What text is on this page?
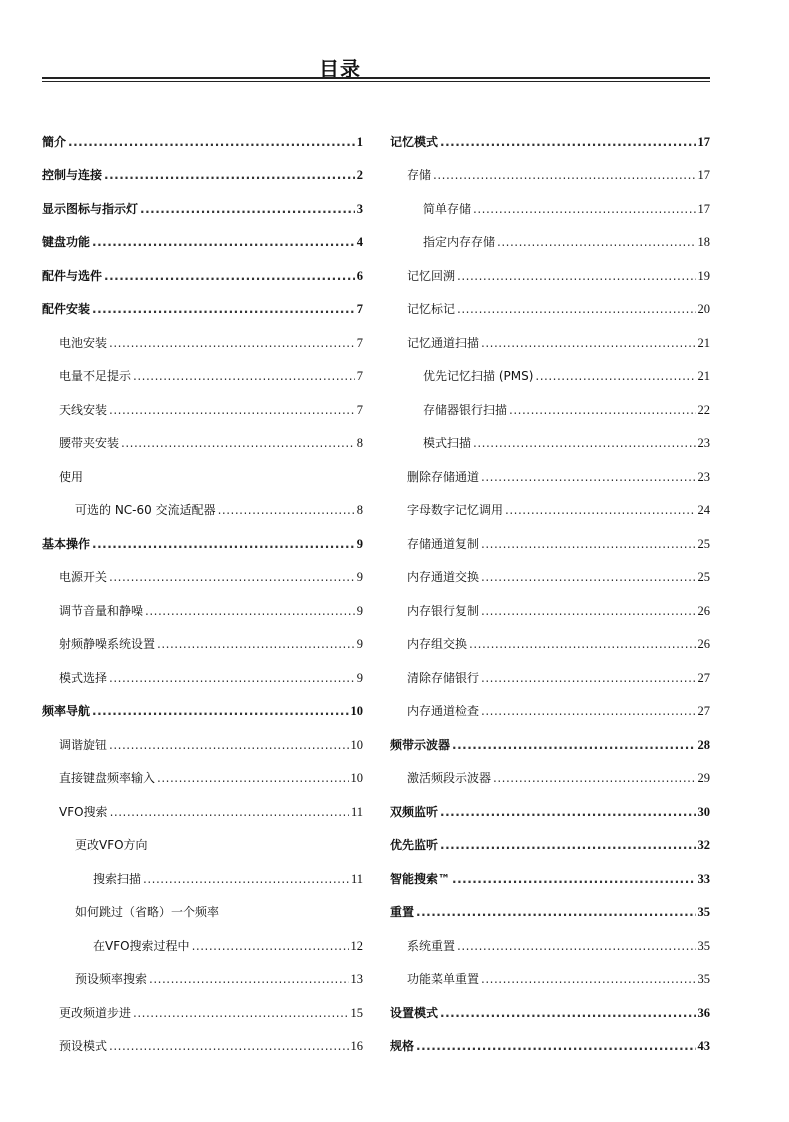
目录
簡介 .....	1
控制与连接 .....	2
显示图标与指示灯 .....	3
键盘功能 .....	4
配件与选件 .....	6
配件安装 .....	7
电池安装 .....	7
电量不足提示 .....	7
天线安装 .....	7
腰带夹安装 .....	8
使用
可选的 NC-60 交流适配器 .....	8
基本操作 .....	9
电源开关 .....	9
调节音量和静噪 .....	9
射频静噪系统设置 .....	9
模式选择 .....	9
频率导航 .....	10
调谐旋钮 .....	10
直接键盘频率输入 .....	10
VFO搜索 .....	11
更改VFO方向
搜索扫描 .....	11
如何跳过（省略）一个频率
在VFO搜索过程中 .....	12
预设频率搜索 .....	13
更改频道步进 .....	15
预设模式 .....	16
记忆模式 .....	17
存储 .....	17
简单存储 .....	17
指定内存存储 .....	18
记忆回溯 .....	19
记忆标记 .....	20
记忆通道扫描 .....	21
优先记忆扫描 (PMS) .....	21
存储器银行扫描 .....	22
模式扫描 .....	23
删除存储通道 .....	23
字母数字记忆调用 .....	24
存储通道复制 .....	25
内存通道交换 .....	25
内存银行复制 .....	26
内存组交换 .....	26
清除存储银行 .....	27
内存通道检查 .....	27
频带示波器 .....	28
激活频段示波器 .....	29
双频监听 .....	30
优先监听 .....	32
智能搜索™ .....	33
重置 .....	35
系统重置 .....	35
功能菜单重置 .....	35
设置模式 .....	36
规格 .....	43
